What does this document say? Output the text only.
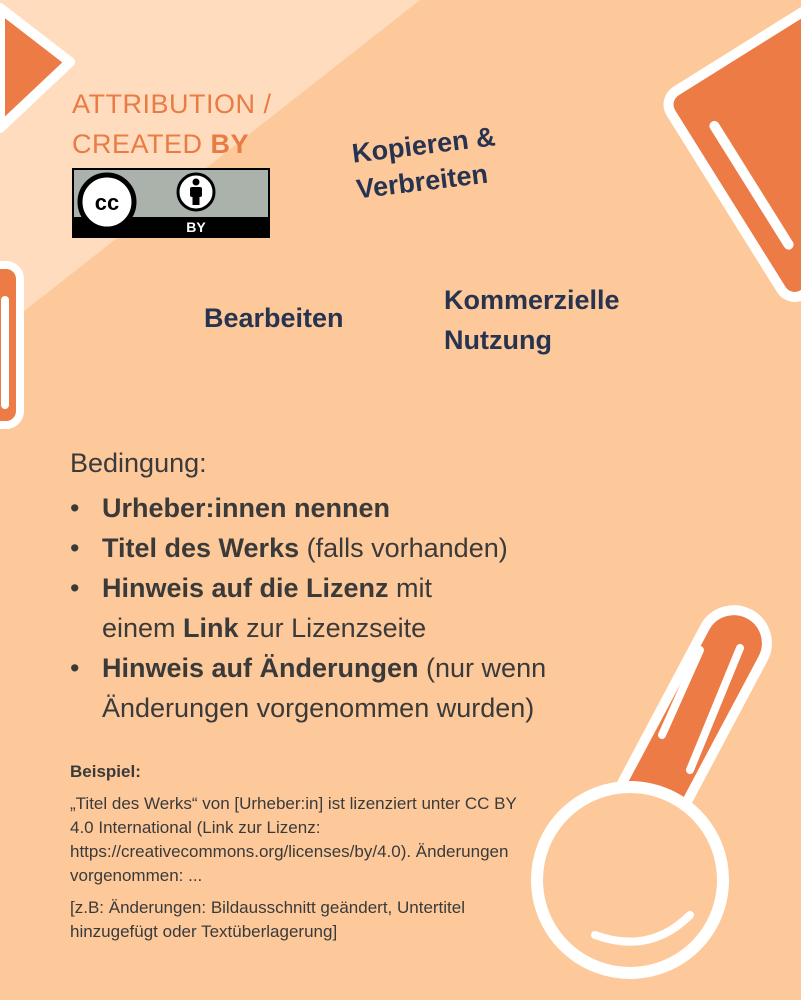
ATTRIBUTION /
CREATED BY
cc
BY
Kopieren &
Verbreiten
Bearbeiten
Kommerzielle
Nutzung
Bedingung:
• Urheber:innen nennen
• Titel des Werks (falls vorhanden)
• Hinweis auf die Lizenz mit
einem Link zur Lizenzseite
• Hinweis auf Änderungen (nur wenn
Änderungen vorgenommen wurden)
Beispiel:
„Titel des Werks“ von [Urheber:in] ist lizenziert unter CC BY 4.0 International (Link zur Lizenz: https://creativecommons.org/licenses/by/4.0). Änderungen vorgenommen: ...
[z.B: Änderungen: Bildausschnitt geändert, Untertitel hinzugefügt oder Textüberlagerung]
